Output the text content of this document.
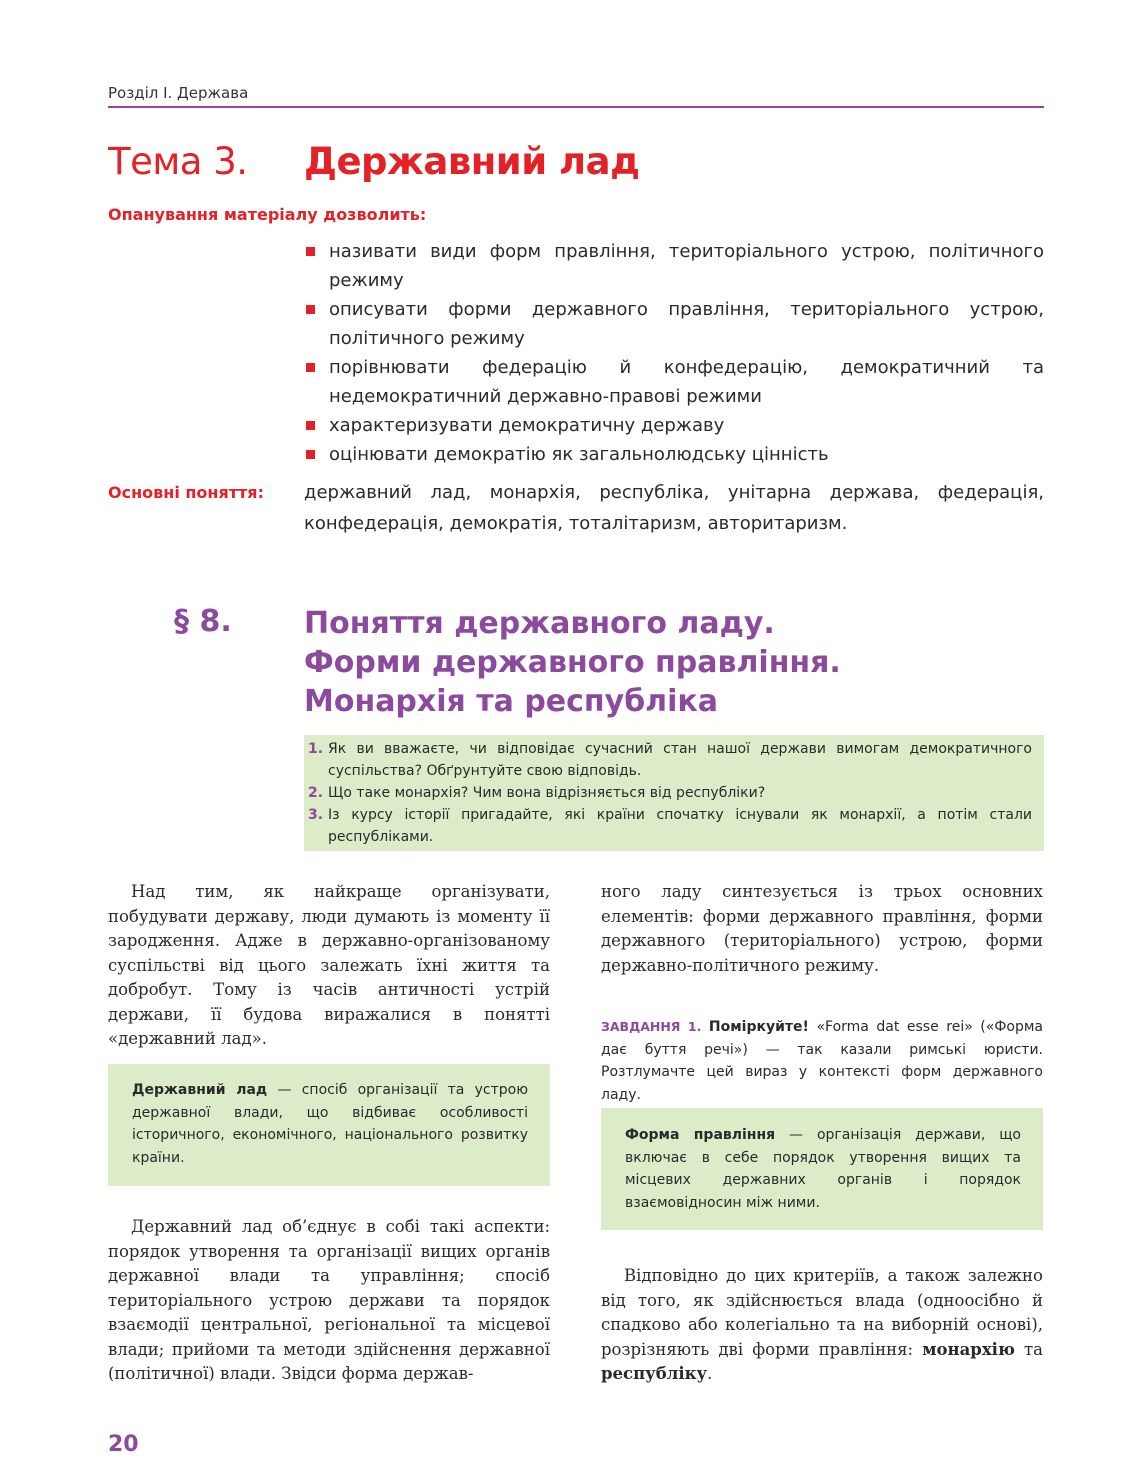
Розділ І. Держава
Тема 3. Державний лад
Опанування матеріалу дозволить:
називати види форм правління, територіального устрою, політичного режиму
описувати форми державного правління, територіального устрою, політичного режиму
порівнювати федерацію й конфедерацію, демократичний та недемократичний державно-правові режими
характеризувати демократичну державу
оцінювати демократію як загальнолюдську цінність
Основні поняття: державний лад, монархія, республіка, унітарна держава, федерація, конфедерація, демократія, тоталітаризм, авторитаризм.
§ 8. Поняття державного ладу.
Форми державного правління.
Монархія та республіка
1. Як ви вважаєте, чи відповідає сучасний стан нашої держави вимогам демократичного суспільства? Обґрунтуйте свою відповідь.
2. Що таке монархія? Чим вона відрізняється від республіки?
3. Із курсу історії пригадайте, які країни спочатку існували як монархії, а потім стали республіками.
Над тим, як найкраще організувати, побудувати державу, люди думають із моменту її зародження. Адже в державно-організованому суспільстві від цього залежать їхні життя та добробут. Тому із часів античності устрій держави, її будова виражалися в понятті «державний лад».
Державний лад — спосіб організації та устрою державної влади, що відбиває особливості історичного, економічного, національного розвитку країни.
Державний лад об’єднує в собі такі аспекти: порядок утворення та організації вищих органів державної влади та управління; спосіб територіального устрою держави та порядок взаємодії центральної, регіональної та місцевої влади; прийоми та методи здійснення державної (політичної) влади. Звідси форма держав-
ного ладу синтезується із трьох основних елементів: форми державного правління, форми державного (територіального) устрою, форми державно-політичного режиму.
ЗАВДАННЯ 1. Поміркуйте! «Forma dat esse rei» («Форма дає буття речі») — так казали римські юристи. Розтлумачте цей вираз у контексті форм державного ладу.
Форма правління — організація держави, що включає в себе порядок утворення вищих та місцевих державних органів і порядок взаємовідносин між ними.
Відповідно до цих критеріїв, а також залежно від того, як здійснюється влада (одноосібно й спадково або колегіально та на виборній основі), розрізняють дві форми правління: монархію та республіку.
20
